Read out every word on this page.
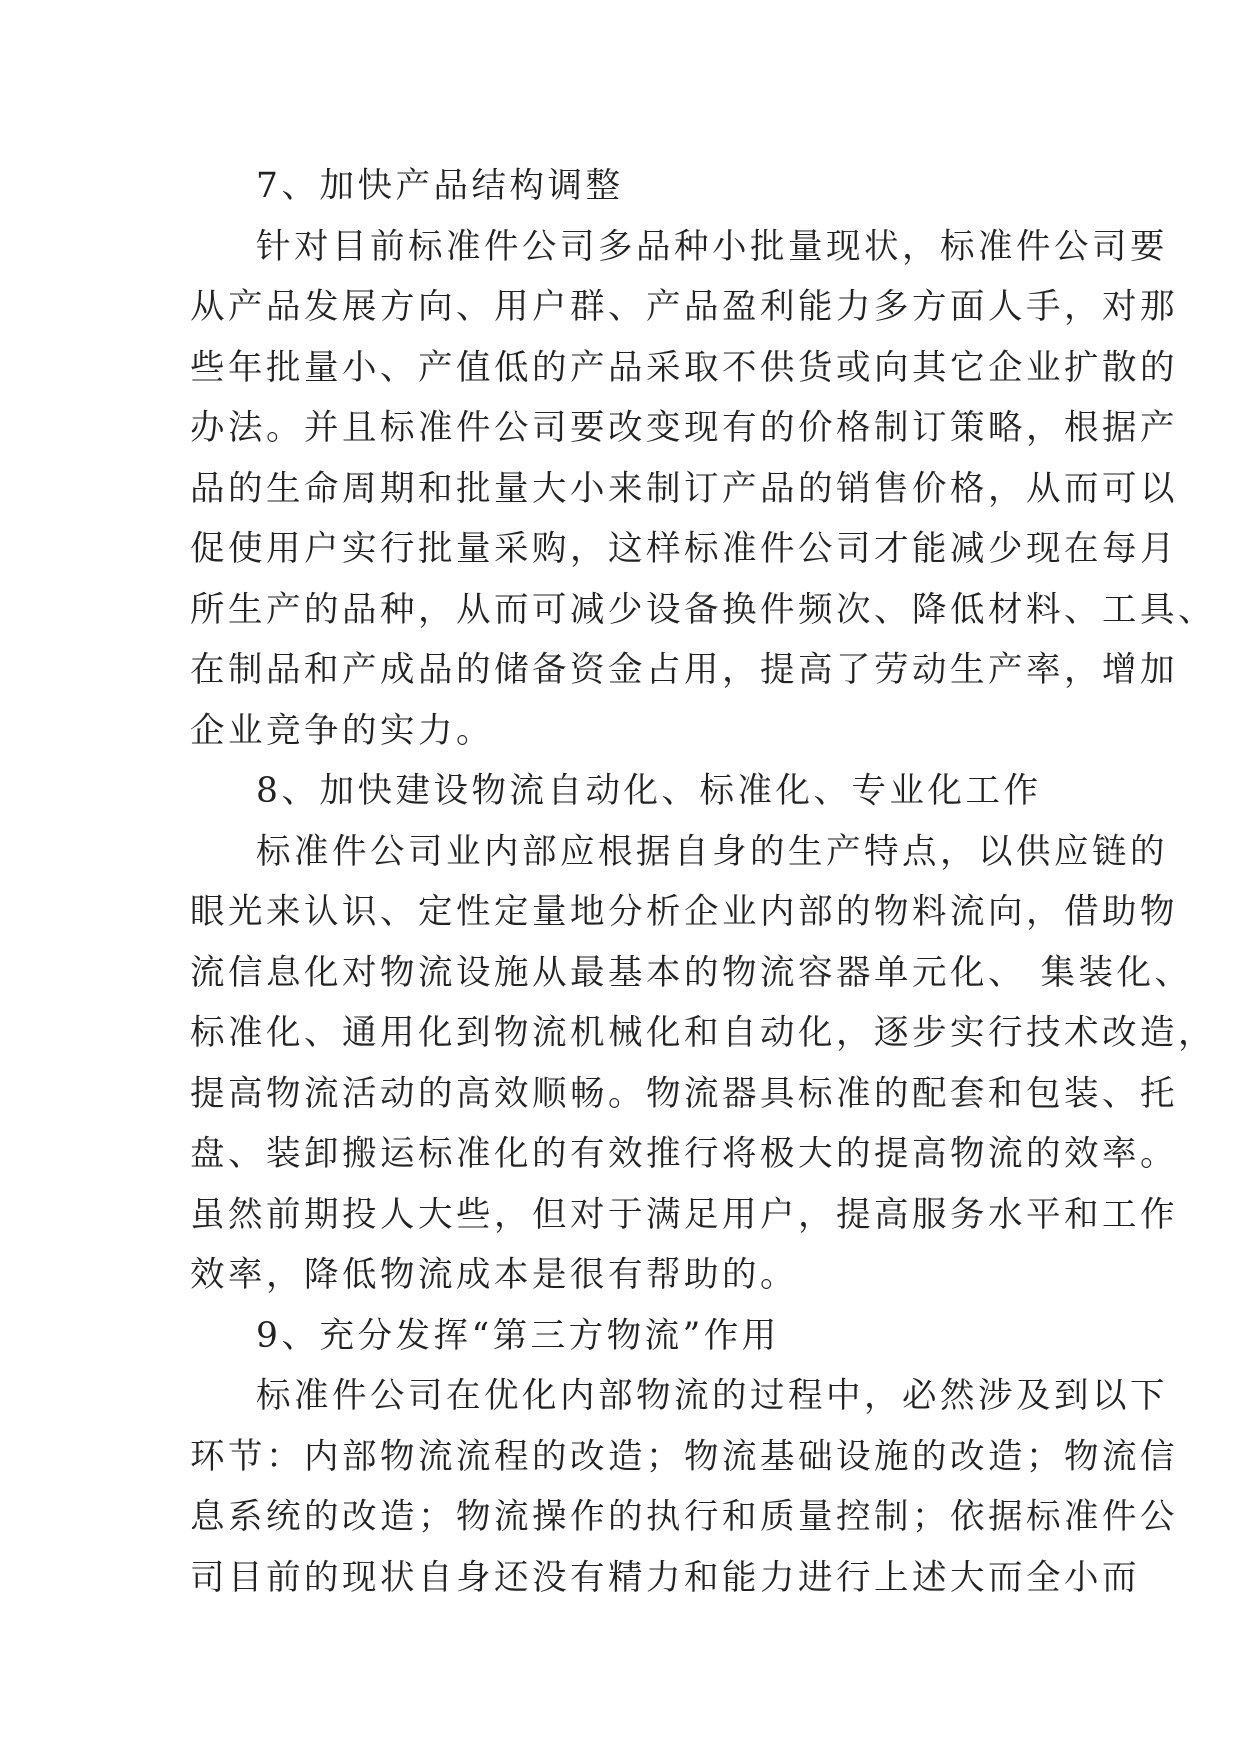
7、加快产品结构调整
针对目前标准件公司多品种小批量现状，标准件公司要
从产品发展方向、用户群、产品盈利能力多方面人手，对那
些年批量小、产值低的产品采取不供货或向其它企业扩散的
办法。并且标准件公司要改变现有的价格制订策略，根据产
品的生命周期和批量大小来制订产品的销售价格，从而可以
促使用户实行批量采购，这样标准件公司才能减少现在每月
所生产的品种，从而可减少设备换件频次、降低材料、工具、
在制品和产成品的储备资金占用，提高了劳动生产率，增加
企业竞争的实力。
8、加快建设物流自动化、标准化、专业化工作
标准件公司业内部应根据自身的生产特点，以供应链的
眼光来认识、定性定量地分析企业内部的物料流向，借助物
流信息化对物流设施从最基本的物流容器单元化、 集装化、
标准化、通用化到物流机械化和自动化，逐步实行技术改造，
提高物流活动的高效顺畅。物流器具标准的配套和包装、托
盘、装卸搬运标准化的有效推行将极大的提高物流的效率。
虽然前期投人大些，但对于满足用户，提高服务水平和工作
效率，降低物流成本是很有帮助的。
9、充分发挥“第三方物流”作用
标准件公司在优化内部物流的过程中，必然涉及到以下
环节：内部物流流程的改造；物流基础设施的改造；物流信
息系统的改造；物流操作的执行和质量控制；依据标准件公
司目前的现状自身还没有精力和能力进行上述大而全小而
